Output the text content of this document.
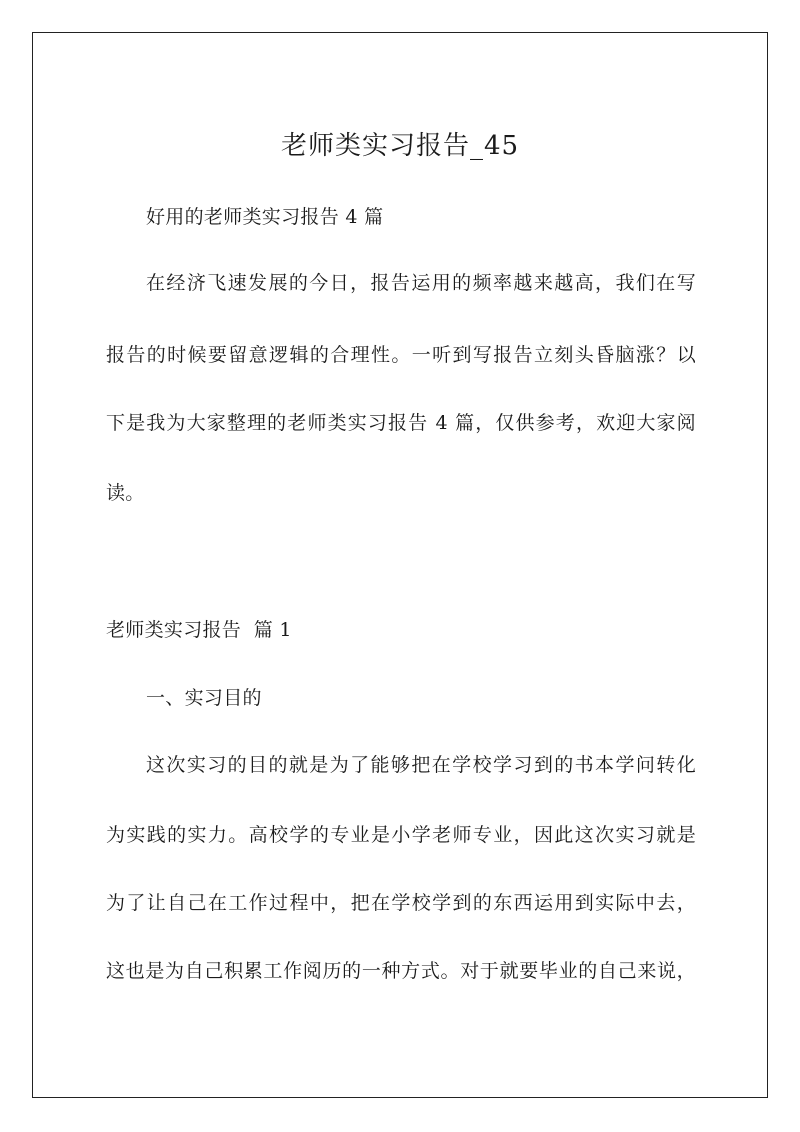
老师类实习报告_45
好用的老师类实习报告 4 篇
在经济飞速发展的今日，报告运用的频率越来越高，我们在写
报告的时候要留意逻辑的合理性。一听到写报告立刻头昏脑涨？以
下是我为大家整理的老师类实习报告 4 篇，仅供参考，欢迎大家阅
读。
老师类实习报告  篇 1
一、实习目的
这次实习的目的就是为了能够把在学校学习到的书本学问转化
为实践的实力。高校学的专业是小学老师专业，因此这次实习就是
为了让自己在工作过程中，把在学校学到的东西运用到实际中去，
这也是为自己积累工作阅历的一种方式。对于就要毕业的自己来说，
